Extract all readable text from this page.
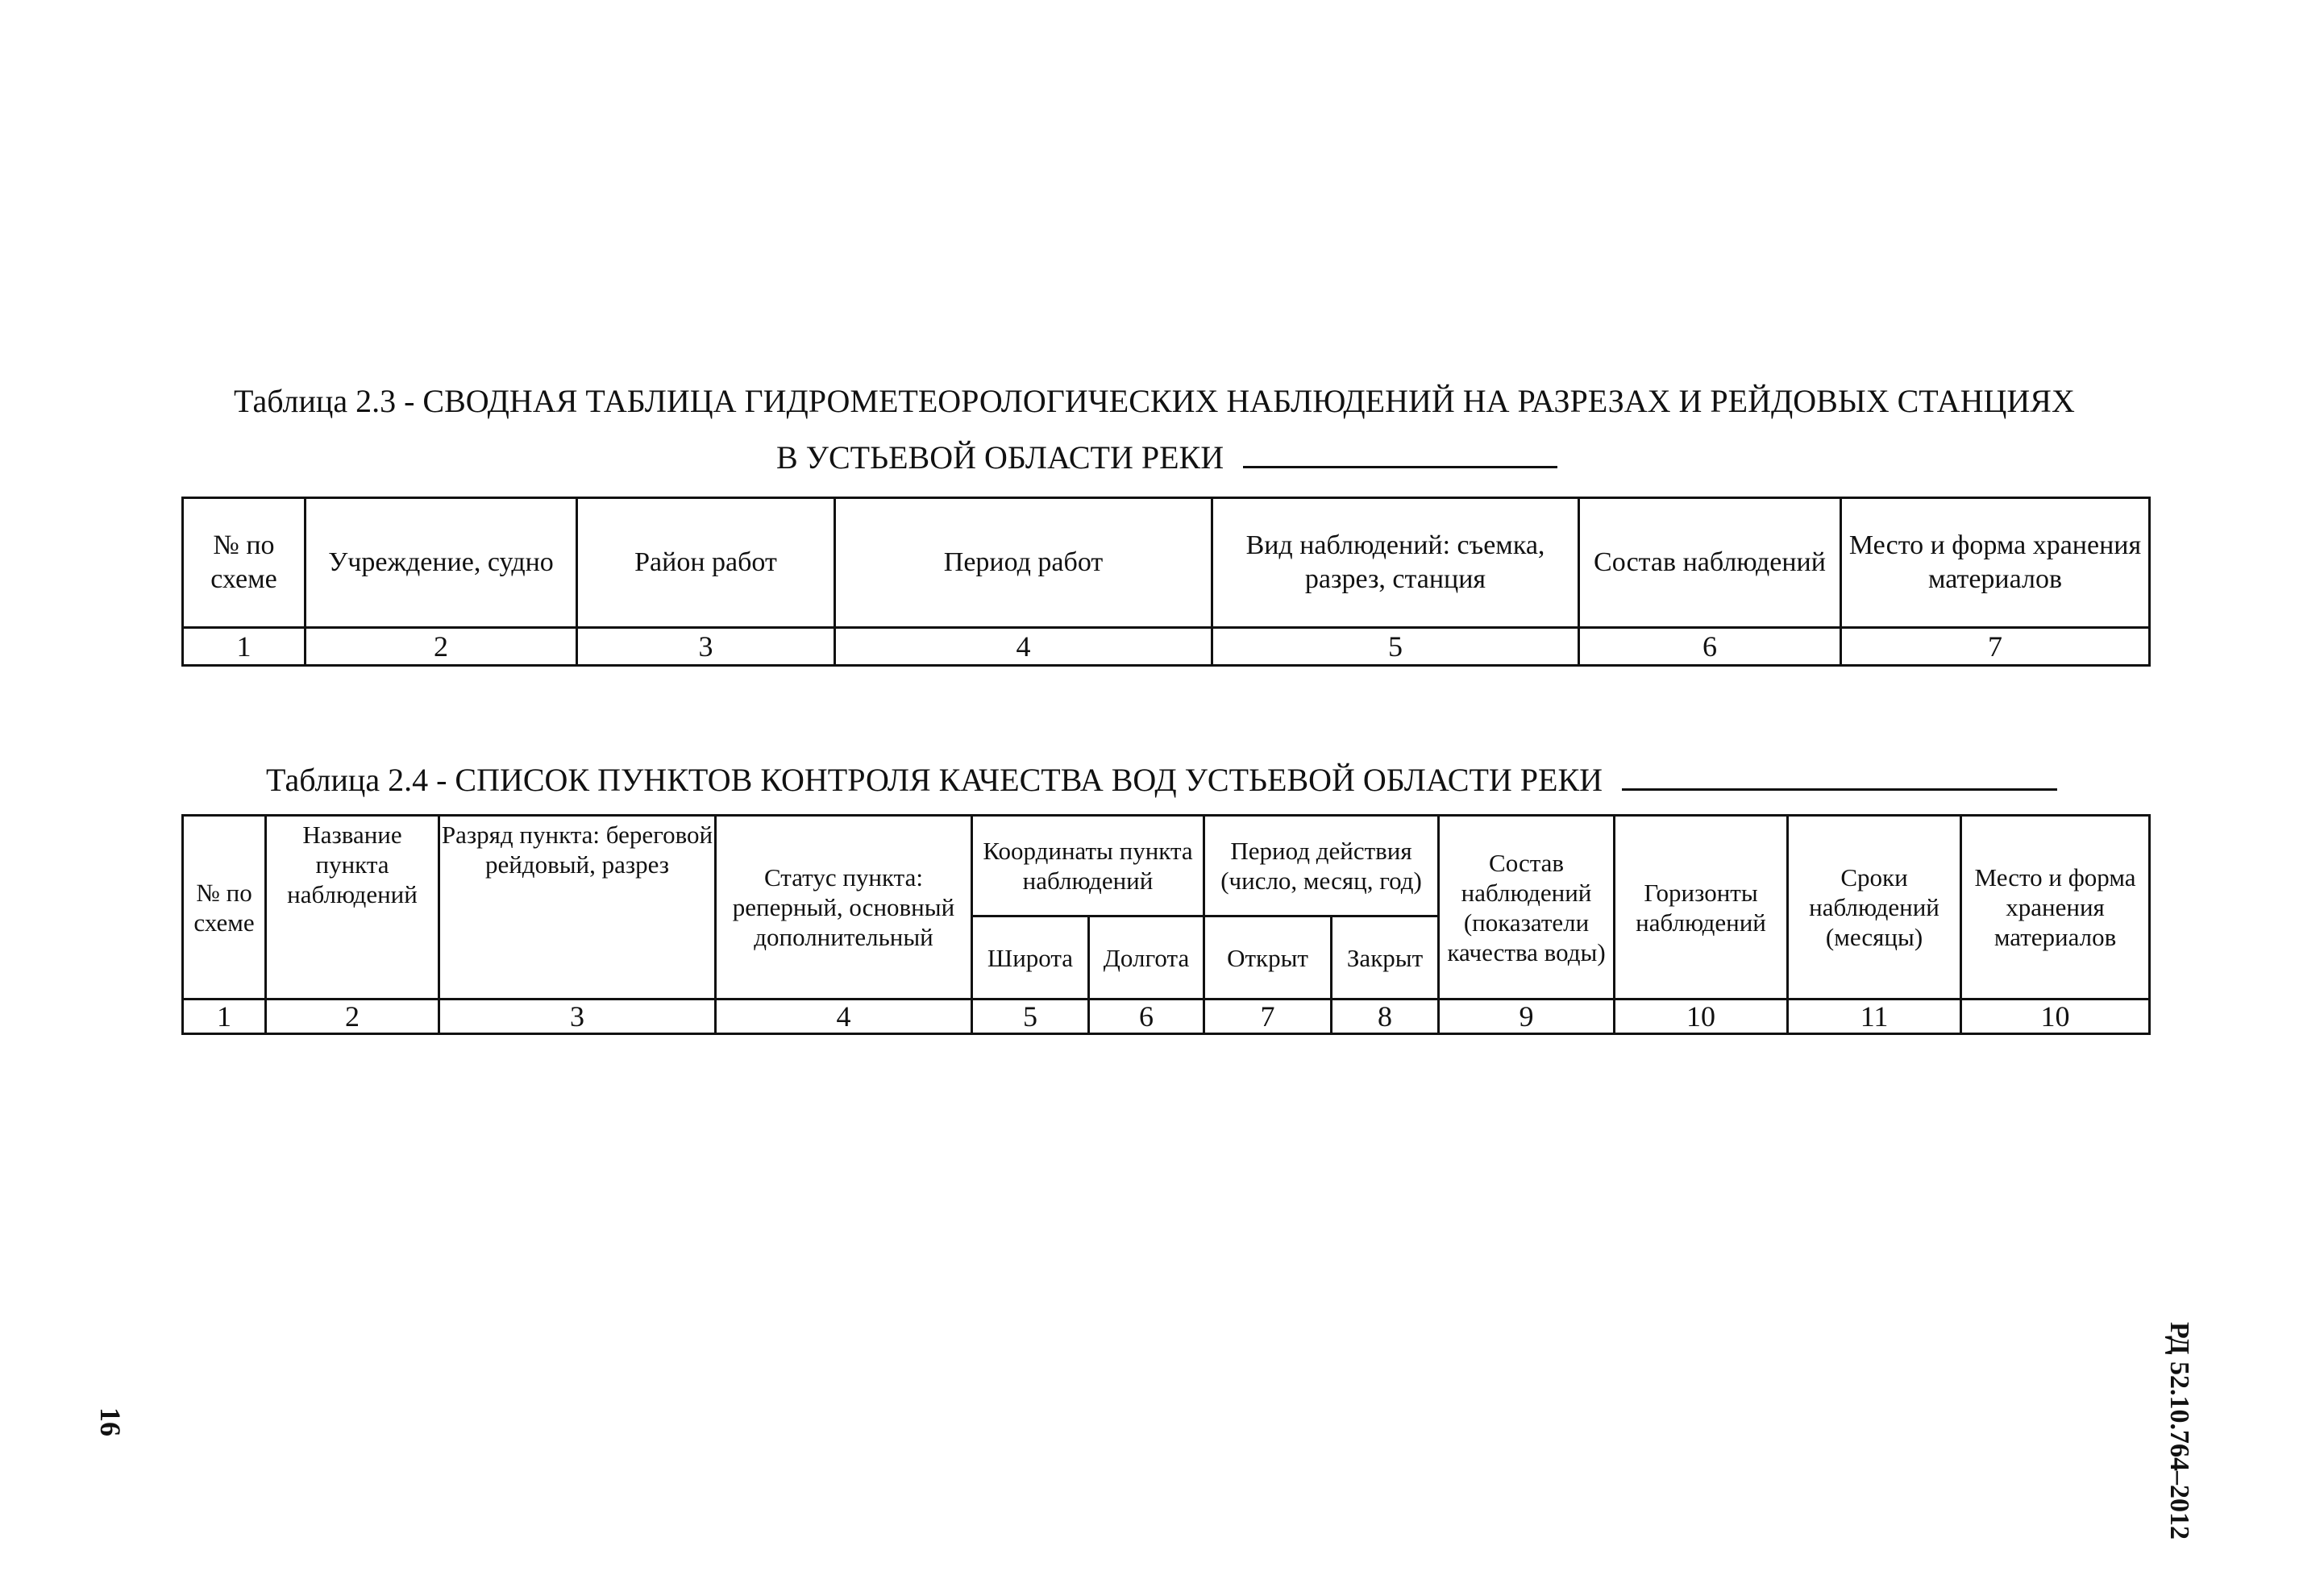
Таблица 2.3 - СВОДНАЯ ТАБЛИЦА ГИДРОМЕТЕОРОЛОГИЧЕСКИХ НАБЛЮДЕНИЙ НА РАЗРЕЗАХ И РЕЙДОВЫХ СТАНЦИЯХ
В УСТЬЕВОЙ ОБЛАСТИ РЕКИ
№ по схеме	Учреждение, судно	Район работ	Период работ	Вид наблюдений: съемка, разрез, станция	Состав наблюдений	Место и форма хранения материалов
1	2	3	4	5	6	7
Таблица 2.4 - СПИСОК ПУНКТОВ КОНТРОЛЯ КАЧЕСТВА ВОД УСТЬЕВОЙ ОБЛАСТИ РЕКИ
№ по схеме	Название пункта наблюдений	Разряд пункта: береговой рейдовый, разрез	Статус пункта: реперный, основный дополнительный	Координаты пункта наблюдений		Период действия (число, месяц, год)		Состав наблюдений (показатели качества воды)	Горизонты наблюдений	Сроки наблюдений (месяцы)	Место и форма хранения материалов
				Широта	Долгота	Открыт	Закрыт				
1	2	3	4	5	6	7	8	9	10	11	10
РД 52.10.764–2012
16
